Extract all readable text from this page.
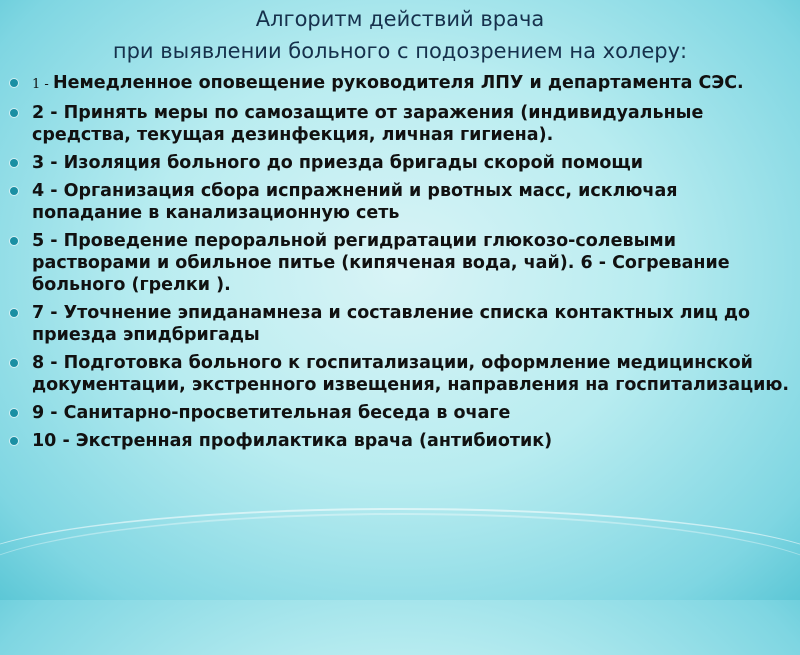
Алгоритм действий врача
при выявлении больного с подозрением на холеру:
1 - Немедленное оповещение руководителя ЛПУ и департамента СЭС.
2 - Принять меры по самозащите от заражения (индивидуальные средства, текущая дезинфекция, личная гигиена).
3 - Изоляция больного до приезда бригады скорой помощи
4 - Организация сбора испражнений и рвотных масс, исключая попадание в канализационную сеть
5 - Проведение пероральной регидратации глюкозо-солевыми растворами и обильное питье (кипяченая вода, чай). 6 - Согревание больного (грелки ).
7 - Уточнение эпиданамнеза и составление списка контактных лиц до приезда эпидбригады
8 - Подготовка больного к госпитализации, оформление медицинской документации, экстренного извещения, направления на госпитализацию.
9 - Санитарно-просветительная беседа в очаге
10 - Экстренная профилактика врача (антибиотик)
